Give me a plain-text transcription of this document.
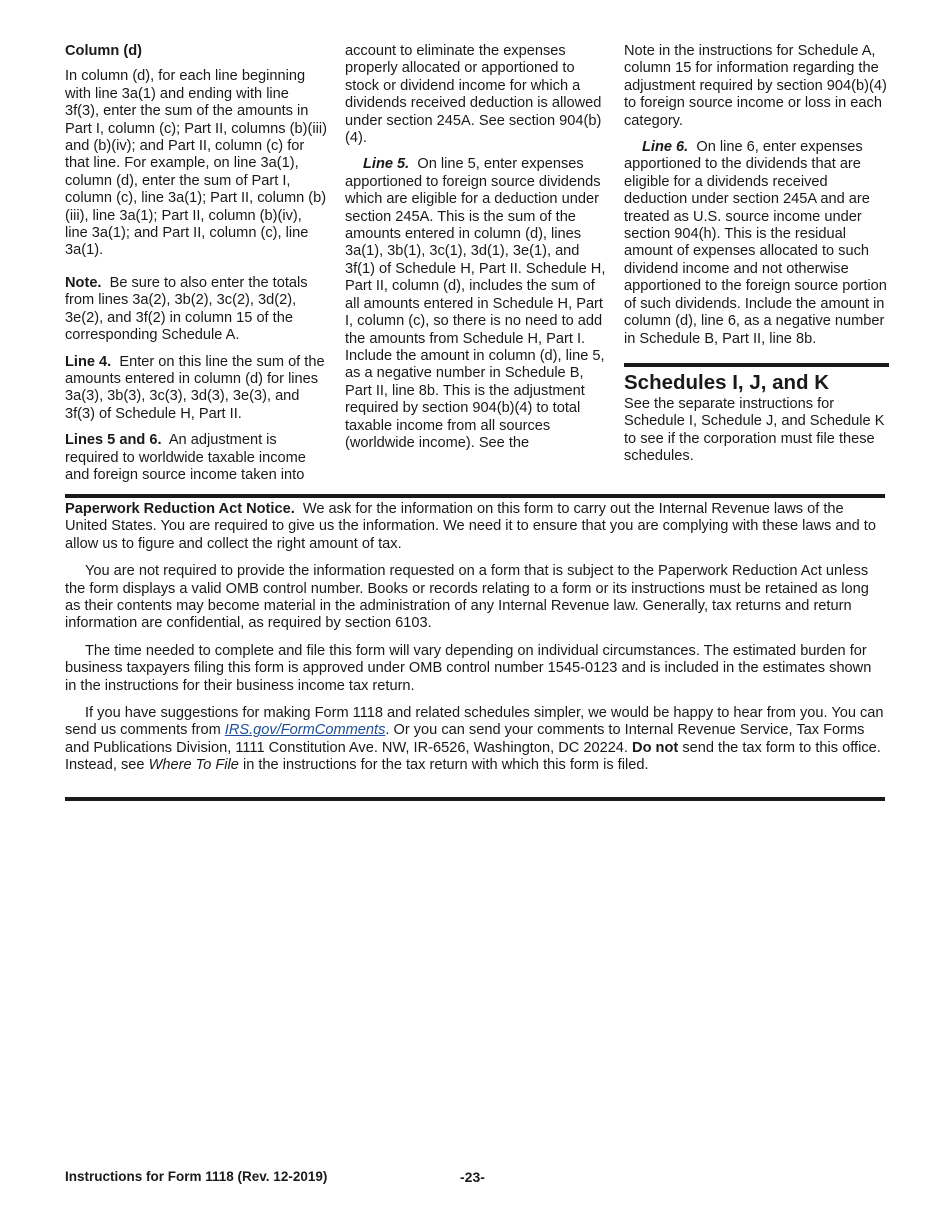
Column (d)

In column (d), for each line beginning with line 3a(1) and ending with line 3f(3), enter the sum of the amounts in Part I, column (c); Part II, columns (b)(iii) and (b)(iv); and Part II, column (c) for that line. For example, on line 3a(1), column (d), enter the sum of Part I, column (c), line 3a(1); Part II, column (b)(iii), line 3a(1); Part II, column (b)(iv), line 3a(1); and Part II, column (c), line 3a(1).

Note. Be sure to also enter the totals from lines 3a(2), 3b(2), 3c(2), 3d(2), 3e(2), and 3f(2) in column 15 of the corresponding Schedule A.

Line 4. Enter on this line the sum of the amounts entered in column (d) for lines 3a(3), 3b(3), 3c(3), 3d(3), 3e(3), and 3f(3) of Schedule H, Part II.

Lines 5 and 6. An adjustment is required to worldwide taxable income and foreign source income taken into

account to eliminate the expenses properly allocated or apportioned to stock or dividend income for which a dividends received deduction is allowed under section 245A. See section 904(b)(4).

Line 5. On line 5, enter expenses apportioned to foreign source dividends which are eligible for a deduction under section 245A. This is the sum of the amounts entered in column (d), lines 3a(1), 3b(1), 3c(1), 3d(1), 3e(1), and 3f(1) of Schedule H, Part II. Schedule H, Part II, column (d), includes the sum of all amounts entered in Schedule H, Part I, column (c), so there is no need to add the amounts from Schedule H, Part I. Include the amount in column (d), line 5, as a negative number in Schedule B, Part II, line 8b. This is the adjustment required by section 904(b)(4) to total taxable income from all sources (worldwide income). See the

Note in the instructions for Schedule A, column 15 for information regarding the adjustment required by section 904(b)(4) to foreign source income or loss in each category.

Line 6. On line 6, enter expenses apportioned to the dividends that are eligible for a dividends received deduction under section 245A and are treated as U.S. source income under section 904(h). This is the residual amount of expenses allocated to such dividend income and not otherwise apportioned to the foreign source portion of such dividends. Include the amount in column (d), line 6, as a negative number in Schedule B, Part II, line 8b.

Schedules I, J, and K

See the separate instructions for Schedule I, Schedule J, and Schedule K to see if the corporation must file these schedules.

Paperwork Reduction Act Notice. We ask for the information on this form to carry out the Internal Revenue laws of the United States. You are required to give us the information. We need it to ensure that you are complying with these laws and to allow us to figure and collect the right amount of tax.

You are not required to provide the information requested on a form that is subject to the Paperwork Reduction Act unless the form displays a valid OMB control number. Books or records relating to a form or its instructions must be retained as long as their contents may become material in the administration of any Internal Revenue law. Generally, tax returns and return information are confidential, as required by section 6103.

The time needed to complete and file this form will vary depending on individual circumstances. The estimated burden for business taxpayers filing this form is approved under OMB control number 1545-0123 and is included in the estimates shown in the instructions for their business income tax return.

If you have suggestions for making Form 1118 and related schedules simpler, we would be happy to hear from you. You can send us comments from IRS.gov/FormComments. Or you can send your comments to Internal Revenue Service, Tax Forms and Publications Division, 1111 Constitution Ave. NW, IR-6526, Washington, DC 20224. Do not send the tax form to this office. Instead, see Where To File in the instructions for the tax return with which this form is filed.

Instructions for Form 1118 (Rev. 12-2019)	-23-
